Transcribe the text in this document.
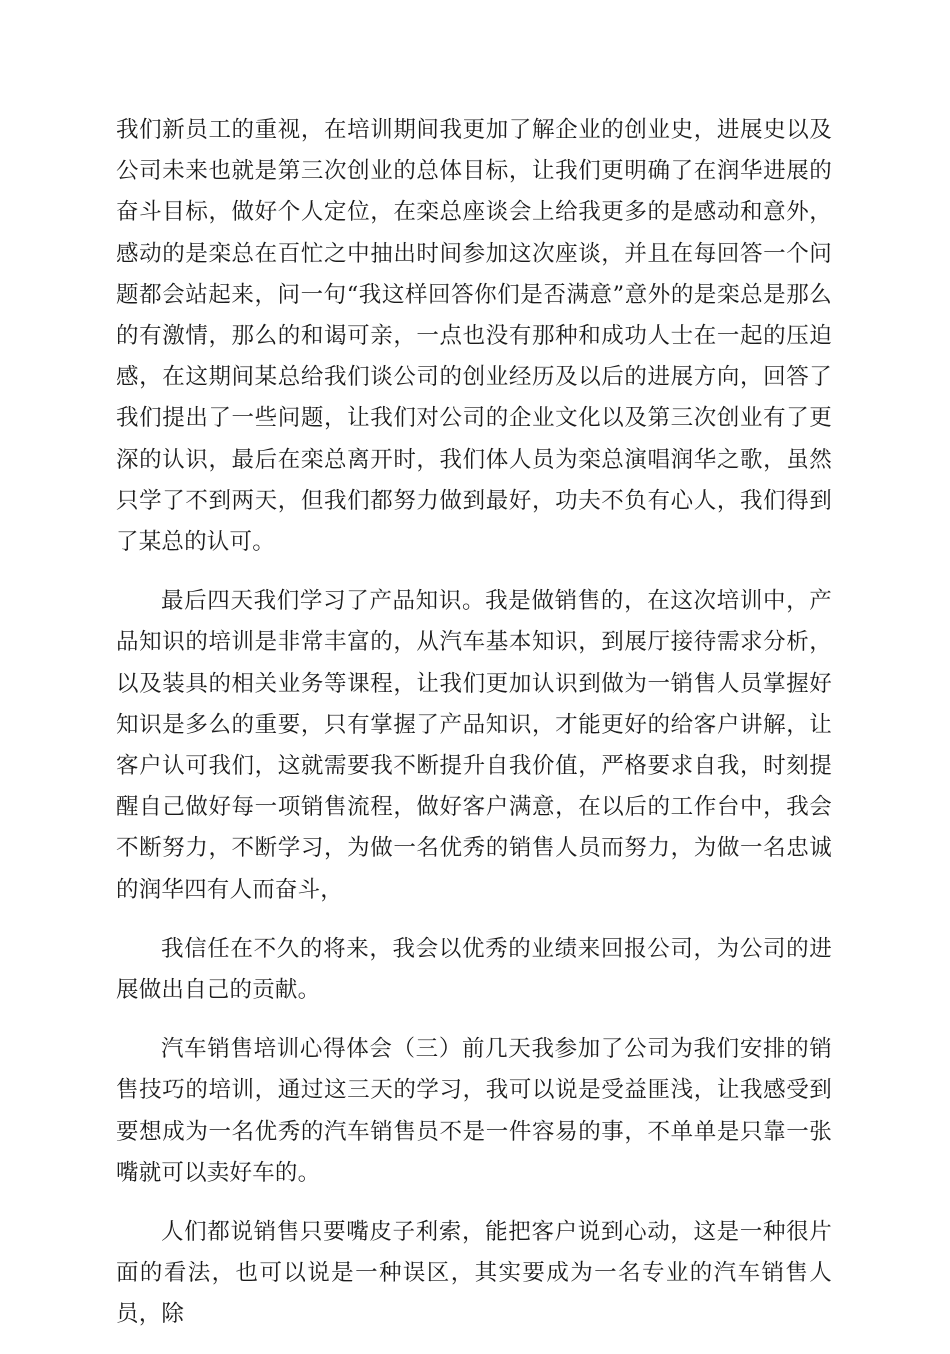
我们新员工的重视，在培训期间我更加了解企业的创业史，进展史以及公司未来也就是第三次创业的总体目标，让我们更明确了在润华进展的奋斗目标，做好个人定位，在栾总座谈会上给我更多的是感动和意外，感动的是栾总在百忙之中抽出时间参加这次座谈，并且在每回答一个问题都会站起来，问一句“我这样回答你们是否满意”意外的是栾总是那么的有激情，那么的和谒可亲，一点也没有那种和成功人士在一起的压迫感，在这期间某总给我们谈公司的创业经历及以后的进展方向，回答了我们提出了一些问题，让我们对公司的企业文化以及第三次创业有了更深的认识，最后在栾总离开时，我们体人员为栾总演唱润华之歌，虽然只学了不到两天，但我们都努力做到最好，功夫不负有心人，我们得到了某总的认可。

最后四天我们学习了产品知识。我是做销售的，在这次培训中，产品知识的培训是非常丰富的，从汽车基本知识，到展厅接待需求分析，以及装具的相关业务等课程，让我们更加认识到做为一销售人员掌握好知识是多么的重要，只有掌握了产品知识，才能更好的给客户讲解，让客户认可我们，这就需要我不断提升自我价值，严格要求自我，时刻提醒自己做好每一项销售流程，做好客户满意，在以后的工作台中，我会不断努力，不断学习，为做一名优秀的销售人员而努力，为做一名忠诚的润华四有人而奋斗，

我信任在不久的将来，我会以优秀的业绩来回报公司，为公司的进展做出自己的贡献。

汽车销售培训心得体会（三）前几天我参加了公司为我们安排的销售技巧的培训，通过这三天的学习，我可以说是受益匪浅，让我感受到要想成为一名优秀的汽车销售员不是一件容易的事，不单单是只靠一张嘴就可以卖好车的。

人们都说销售只要嘴皮子利索，能把客户说到心动，这是一种很片面的看法，也可以说是一种误区，其实要成为一名专业的汽车销售人员，除
